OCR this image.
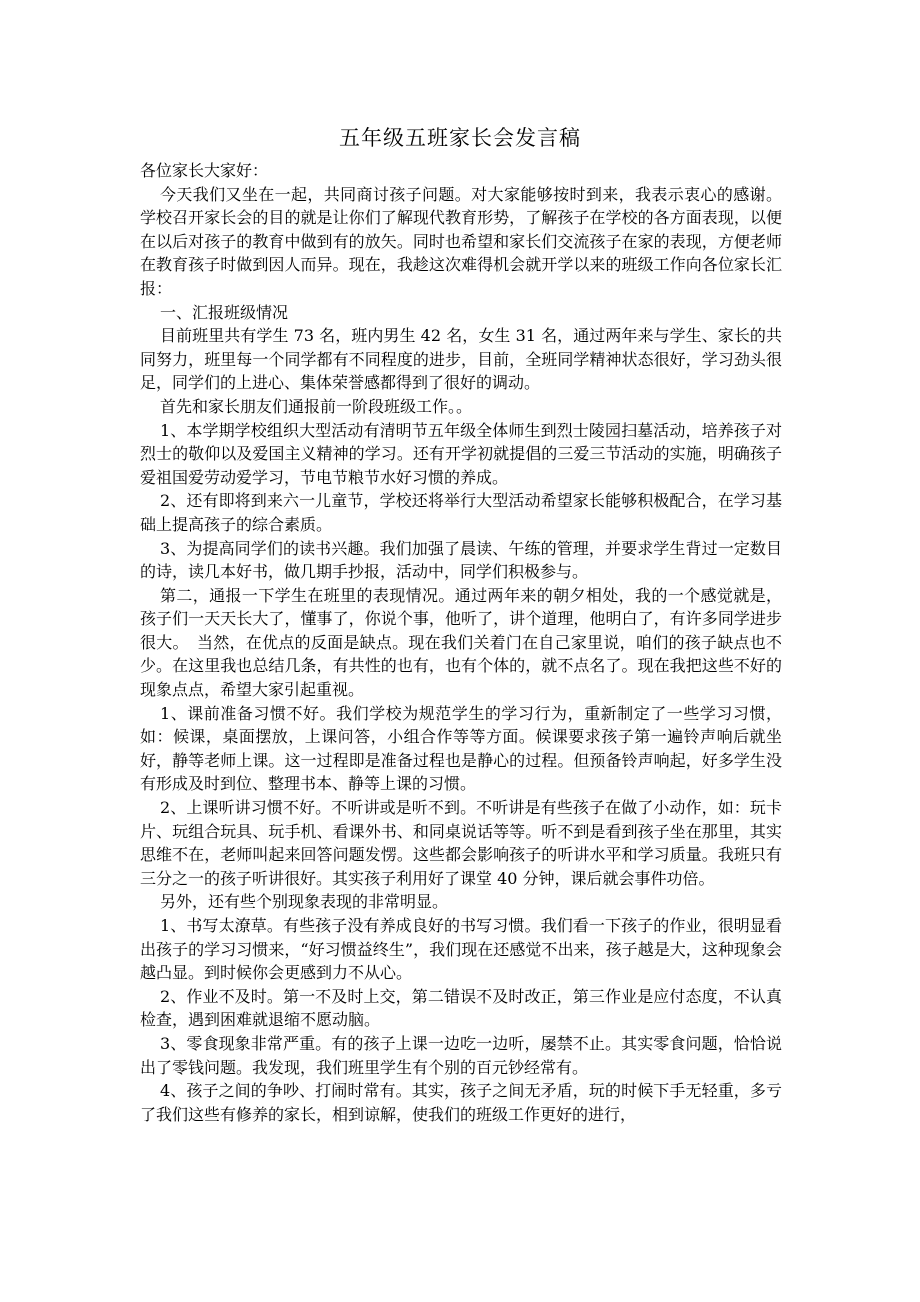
五年级五班家长会发言稿

各位家长大家好：

今天我们又坐在一起，共同商讨孩子问题。对大家能够按时到来，我表示衷心的感谢。学校召开家长会的目的就是让你们了解现代教育形势，了解孩子在学校的各方面表现，以便在以后对孩子的教育中做到有的放矢。同时也希望和家长们交流孩子在家的表现，方便老师在教育孩子时做到因人而异。现在，我趁这次难得机会就开学以来的班级工作向各位家长汇报：

一、汇报班级情况

目前班里共有学生 73 名，班内男生 42 名，女生 31 名，通过两年来与学生、家长的共同努力，班里每一个同学都有不同程度的进步，目前，全班同学精神状态很好，学习劲头很足，同学们的上进心、集体荣誉感都得到了很好的调动。

首先和家长朋友们通报前一阶段班级工作。。

1、本学期学校组织大型活动有清明节五年级全体师生到烈士陵园扫墓活动，培养孩子对烈士的敬仰以及爱国主义精神的学习。还有开学初就提倡的三爱三节活动的实施，明确孩子爱祖国爱劳动爱学习，节电节粮节水好习惯的养成。

2、还有即将到来六一儿童节，学校还将举行大型活动希望家长能够积极配合，在学习基础上提高孩子的综合素质。

3、为提高同学们的读书兴趣。我们加强了晨读、午练的管理，并要求学生背过一定数目的诗，读几本好书，做几期手抄报，活动中，同学们积极参与。

第二，通报一下学生在班里的表现情况。通过两年来的朝夕相处，我的一个感觉就是，孩子们一天天长大了，懂事了，你说个事，他听了，讲个道理，他明白了，有许多同学进步很大。　当然，在优点的反面是缺点。现在我们关着门在自己家里说，咱们的孩子缺点也不少。在这里我也总结几条，有共性的也有，也有个体的，就不点名了。现在我把这些不好的现象点点，希望大家引起重视。

1、课前准备习惯不好。我们学校为规范学生的学习行为，重新制定了一些学习习惯，如：候课，桌面摆放，上课问答，小组合作等等方面。候课要求孩子第一遍铃声响后就坐好，静等老师上课。这一过程即是准备过程也是静心的过程。但预备铃声响起，好多学生没有形成及时到位、整理书本、静等上课的习惯。

2、上课听讲习惯不好。不听讲或是听不到。不听讲是有些孩子在做了小动作，如：玩卡片、玩组合玩具、玩手机、看课外书、和同桌说话等等。听不到是看到孩子坐在那里，其实思维不在，老师叫起来回答问题发愣。这些都会影响孩子的听讲水平和学习质量。我班只有三分之一的孩子听讲很好。其实孩子利用好了课堂 40 分钟，课后就会事件功倍。

另外，还有些个别现象表现的非常明显。

1、书写太潦草。有些孩子没有养成良好的书写习惯。我们看一下孩子的作业，很明显看出孩子的学习习惯来，“好习惯益终生”，我们现在还感觉不出来，孩子越是大，这种现象会越凸显。到时候你会更感到力不从心。

2、作业不及时。第一不及时上交，第二错误不及时改正，第三作业是应付态度，不认真检查，遇到困难就退缩不愿动脑。

3、零食现象非常严重。有的孩子上课一边吃一边听，屡禁不止。其实零食问题，恰恰说出了零钱问题。我发现，我们班里学生有个别的百元钞经常有。

4、孩子之间的争吵、打闹时常有。其实，孩子之间无矛盾，玩的时候下手无轻重，多亏了我们这些有修养的家长，相到谅解，使我们的班级工作更好的进行，
